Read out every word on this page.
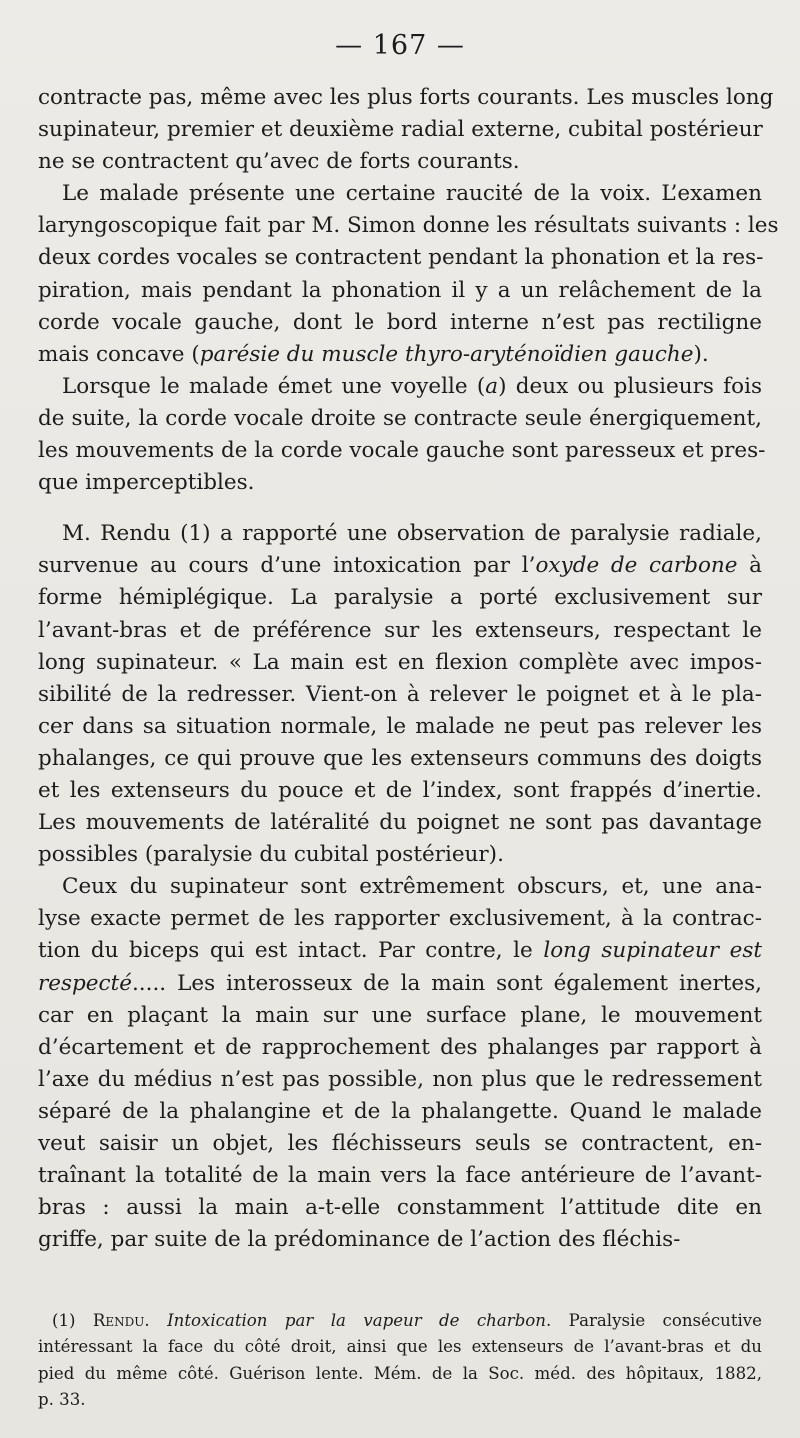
— 167 —

contracte pas, même avec les plus forts courants. Les muscles long
supinateur, premier et deuxième radial externe, cubital postérieur
ne se contractent qu’avec de forts courants.

Le malade présente une certaine raucité de la voix. L’examen
laryngoscopique fait par M. Simon donne les résultats suivants : les
deux cordes vocales se contractent pendant la phonation et la res-
piration, mais pendant la phonation il y a un relâchement de la
corde vocale gauche, dont le bord interne n’est pas rectiligne
mais concave (parésie du muscle thyro-aryténoïdien gauche).

Lorsque le malade émet une voyelle (a) deux ou plusieurs fois
de suite, la corde vocale droite se contracte seule énergiquement,
les mouvements de la corde vocale gauche sont paresseux et pres-
que imperceptibles.

M. Rendu (1) a rapporté une observation de paralysie radiale,
survenue au cours d’une intoxication par l’oxyde de carbone à
forme hémiplégique. La paralysie a porté exclusivement sur
l’avant-bras et de préférence sur les extenseurs, respectant le
long supinateur. « La main est en flexion complète avec impos-
sibilité de la redresser. Vient-on à relever le poignet et à le pla-
cer dans sa situation normale, le malade ne peut pas relever les
phalanges, ce qui prouve que les extenseurs communs des doigts
et les extenseurs du pouce et de l’index, sont frappés d’inertie.
Les mouvements de latéralité du poignet ne sont pas davantage
possibles (paralysie du cubital postérieur).

Ceux du supinateur sont extrêmement obscurs, et, une ana-
lyse exacte permet de les rapporter exclusivement, à la contrac-
tion du biceps qui est intact. Par contre, le long supinateur est
respecté..... Les interosseux de la main sont également inertes,
car en plaçant la main sur une surface plane, le mouvement
d’écartement et de rapprochement des phalanges par rapport à
l’axe du médius n’est pas possible, non plus que le redressement
séparé de la phalangine et de la phalangette. Quand le malade
veut saisir un objet, les fléchisseurs seuls se contractent, en-
traînant la totalité de la main vers la face antérieure de l’avant-
bras : aussi la main a-t-elle constamment l’attitude dite en
griffe, par suite de la prédominance de l’action des fléchis-

(1) Rendu. Intoxication par la vapeur de charbon. Paralysie consécutive
intéressant la face du côté droit, ainsi que les extenseurs de l’avant-bras et du
pied du même côté. Guérison lente. Mém. de la Soc. méd. des hôpitaux, 1882,
p. 33.
